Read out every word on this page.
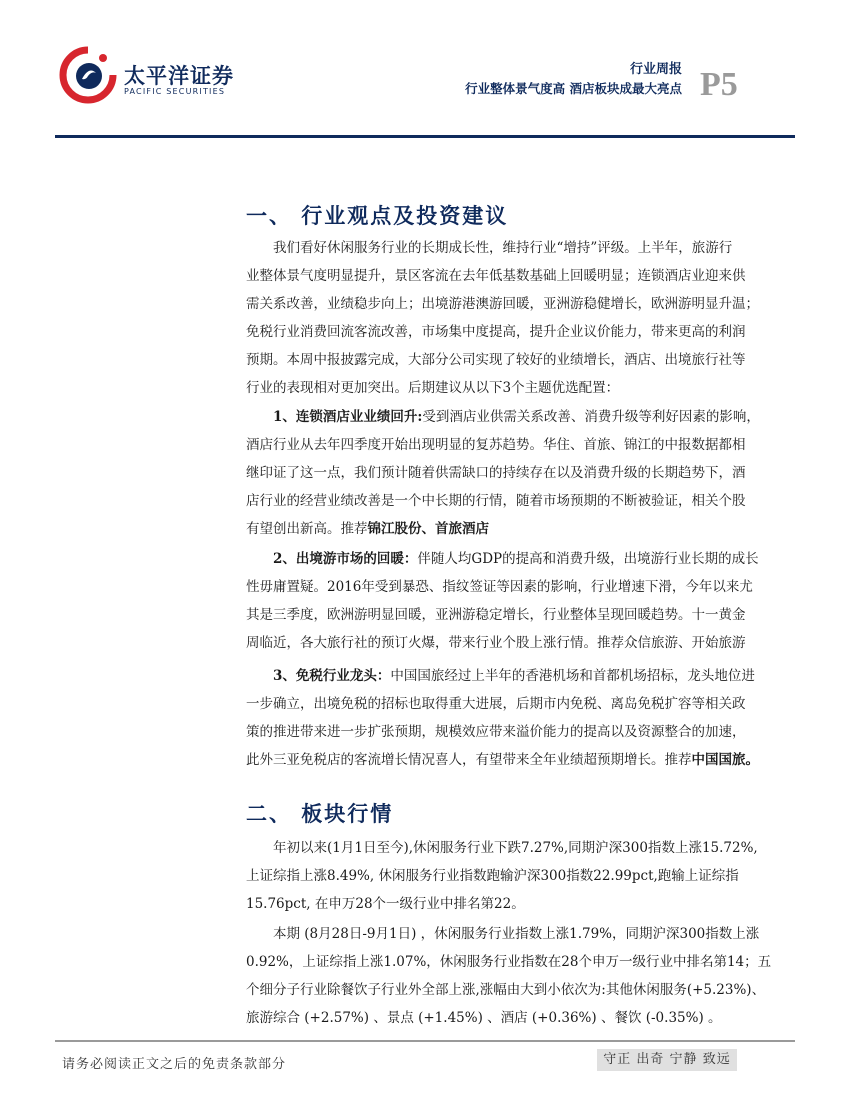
太平洋证券
PACIFIC SECURITIES
行业周报
行业整体景气度高 酒店板块成最大亮点 P5
一、 行业观点及投资建议
我们看好休闲服务行业的长期成长性，维持行业“增持”评级。上半年，旅游行
业整体景气度明显提升，景区客流在去年低基数基础上回暖明显；连锁酒店业迎来供
需关系改善，业绩稳步向上；出境游港澳游回暖，亚洲游稳健增长，欧洲游明显升温；
免税行业消费回流客流改善，市场集中度提高，提升企业议价能力，带来更高的利润
预期。本周中报披露完成，大部分公司实现了较好的业绩增长，酒店、出境旅行社等
行业的表现相对更加突出。后期建议从以下3个主题优选配置：
1、连锁酒店业业绩回升:受到酒店业供需关系改善、消费升级等利好因素的影响，
酒店行业从去年四季度开始出现明显的复苏趋势。华住、首旅、锦江的中报数据都相
继印证了这一点，我们预计随着供需缺口的持续存在以及消费升级的长期趋势下，酒
店行业的经营业绩改善是一个中长期的行情，随着市场预期的不断被验证，相关个股
有望创出新高。推荐锦江股份、首旅酒店
2、出境游市场的回暖：伴随人均GDP的提高和消费升级，出境游行业长期的成长
性毋庸置疑。2016年受到暴恐、指纹签证等因素的影响，行业增速下滑，今年以来尤
其是三季度，欧洲游明显回暖，亚洲游稳定增长，行业整体呈现回暖趋势。十一黄金
周临近，各大旅行社的预订火爆，带来行业个股上涨行情。推荐众信旅游、开始旅游
3、免税行业龙头：中国国旅经过上半年的香港机场和首都机场招标，龙头地位进
一步确立，出境免税的招标也取得重大进展，后期市内免税、离岛免税扩容等相关政
策的推进带来进一步扩张预期，规模效应带来溢价能力的提高以及资源整合的加速，
此外三亚免税店的客流增长情况喜人，有望带来全年业绩超预期增长。推荐中国国旅。
二、 板块行情
年初以来(1月1日至今),休闲服务行业下跌7.27%,同期沪深300指数上涨15.72%,
上证综指上涨8.49%, 休闲服务行业指数跑输沪深300指数22.99pct,跑输上证综指
15.76pct, 在申万28个一级行业中排名第22。
本期 (8月28日-9月1日) ，休闲服务行业指数上涨1.79%，同期沪深300指数上涨
0.92%，上证综指上涨1.07%，休闲服务行业指数在28个申万一级行业中排名第14；五
个细分子行业除餐饮子行业外全部上涨,涨幅由大到小依次为:其他休闲服务(+5.23%)、
旅游综合 (+2.57%) 、景点 (+1.45%) 、酒店 (+0.36%) 、餐饮 (-0.35%) 。
请务必阅读正文之后的免责条款部分	守正 出奇 宁静 致远
